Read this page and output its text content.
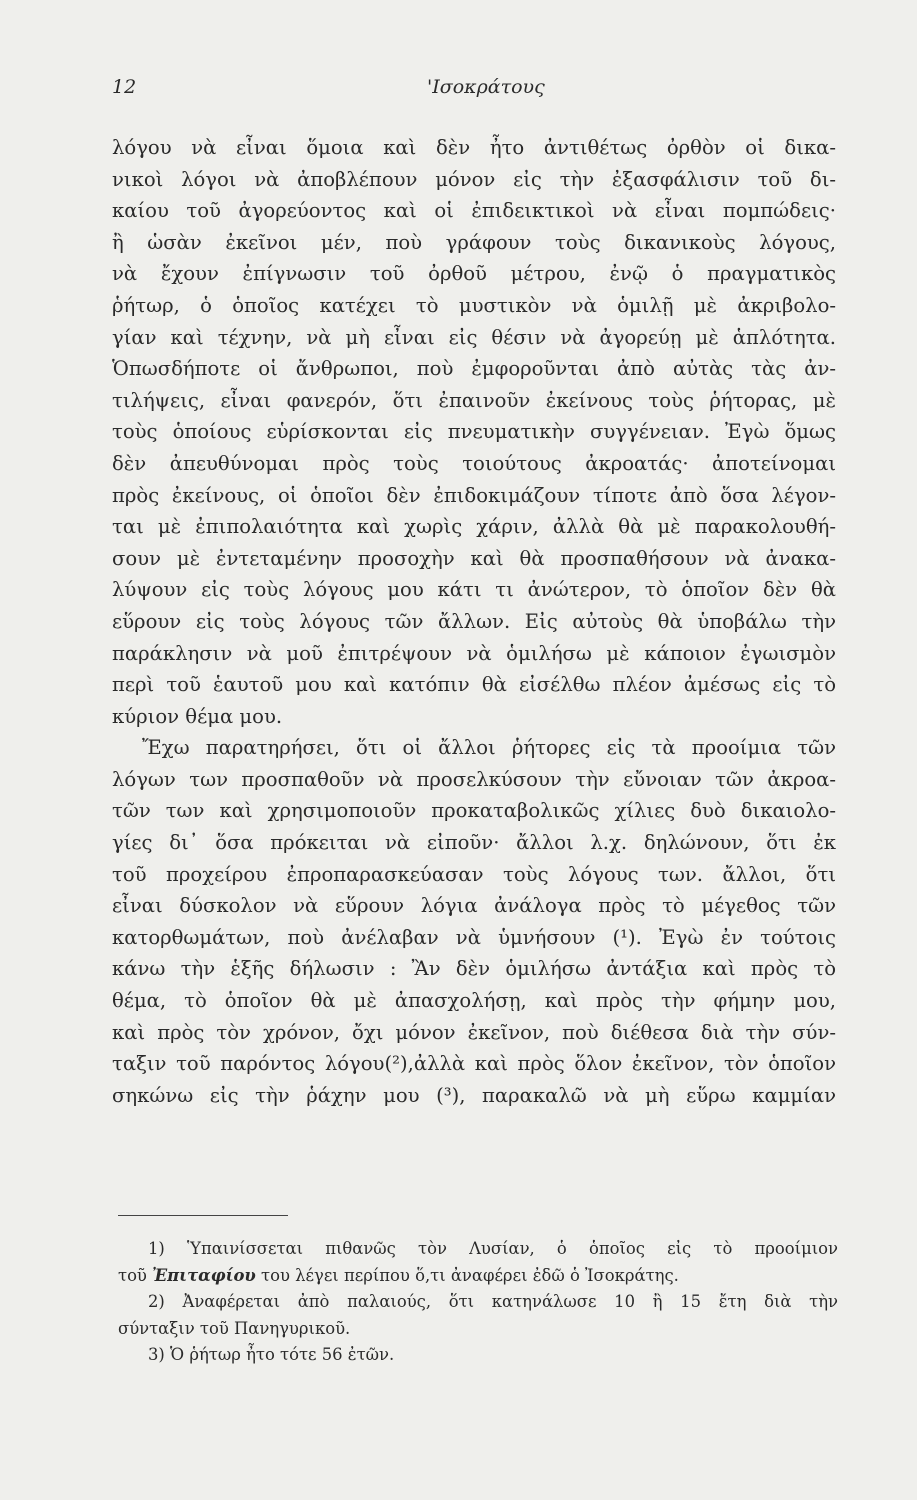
12	'Ισοκράτους
λόγου νὰ εἶναι ὅμοια καὶ δὲν ἦτο ἀντιθέτως ὀρθὸν οἱ δικα-
νικοὶ λόγοι νὰ ἀποβλέπουν μόνον εἰς τὴν ἐξασφάλισιν τοῦ δι-
καίου τοῦ ἀγορεύοντος καὶ οἱ ἐπιδεικτικοὶ νὰ εἶναι πομπώδεις·
ἢ ὡσὰν ἐκεῖνοι μέν, ποὺ γράφουν τοὺς δικανικοὺς λόγους,
νὰ ἔχουν ἐπίγνωσιν τοῦ ὀρθοῦ μέτρου, ἐνῷ ὁ πραγματικὸς
ῥήτωρ, ὁ ὁποῖος κατέχει τὸ μυστικὸν νὰ ὁμιλῇ μὲ ἀκριβολο-
γίαν καὶ τέχνην, νὰ μὴ εἶναι εἰς θέσιν νὰ ἀγορεύῃ μὲ ἁπλότητα.
Ὁπωσδήποτε οἱ ἄνθρωποι, ποὺ ἐμφοροῦνται ἀπὸ αὐτὰς τὰς ἀν-
τιλήψεις, εἶναι φανερόν, ὅτι ἐπαινοῦν ἐκείνους τοὺς ῥήτορας, μὲ
τοὺς ὁποίους εὑρίσκονται εἰς πνευματικὴν συγγένειαν. Ἐγὼ ὅμως
δὲν ἀπευθύνομαι πρὸς τοὺς τοιούτους ἀκροατάς· ἀποτείνομαι
πρὸς ἐκείνους, οἱ ὁποῖοι δὲν ἐπιδοκιμάζουν τίποτε ἀπὸ ὅσα λέγον-
ται μὲ ἐπιπολαιότητα καὶ χωρὶς χάριν, ἀλλὰ θὰ μὲ παρακολουθή-
σουν μὲ ἐντεταμένην προσοχὴν καὶ θὰ προσπαθήσουν νὰ ἀνακα-
λύψουν εἰς τοὺς λόγους μου κάτι τι ἀνώτερον, τὸ ὁποῖον δὲν θὰ
εὕρουν εἰς τοὺς λόγους τῶν ἄλλων. Εἰς αὐτοὺς θὰ ὑποβάλω τὴν
παράκλησιν νὰ μοῦ ἐπιτρέψουν νὰ ὁμιλήσω μὲ κάποιον ἐγωισμὸν
περὶ τοῦ ἑαυτοῦ μου καὶ κατόπιν θὰ εἰσέλθω πλέον ἀμέσως εἰς τὸ
κύριον θέμα μου.
Ἔχω παρατηρήσει, ὅτι οἱ ἄλλοι ῥήτορες εἰς τὰ προοίμια τῶν
λόγων των προσπαθοῦν νὰ προσελκύσουν τὴν εὔνοιαν τῶν ἀκροα-
τῶν των καὶ χρησιμοποιοῦν προκαταβολικῶς χίλιες δυὸ δικαιολο-
γίες δι᾽ ὅσα πρόκειται νὰ εἰποῦν· ἄλλοι λ.χ. δηλώνουν, ὅτι ἐκ
τοῦ προχείρου ἐπροπαρασκεύασαν τοὺς λόγους των. ἄλλοι, ὅτι
εἶναι δύσκολον νὰ εὕρουν λόγια ἀνάλογα πρὸς τὸ μέγεθος τῶν
κατορθωμάτων, ποὺ ἀνέλαβαν νὰ ὑμνήσουν (¹). Ἐγὼ ἐν τούτοις
κάνω τὴν ἑξῆς δήλωσιν : Ἂν δὲν ὁμιλήσω ἀντάξια καὶ πρὸς τὸ
θέμα, τὸ ὁποῖον θὰ μὲ ἀπασχολήσῃ, καὶ πρὸς τὴν φήμην μου,
καὶ πρὸς τὸν χρόνον, ὄχι μόνον ἐκεῖνον, ποὺ διέθεσα διὰ τὴν σύν-
ταξιν τοῦ παρόντος λόγου(²),ἀλλὰ καὶ πρὸς ὅλον ἐκεῖνον, τὸν ὁποῖον
σηκώνω εἰς τὴν ῥάχην μου (³), παρακαλῶ νὰ μὴ εὕρω καμμίαν
1) Ὑπαινίσσεται πιθανῶς τὸν Λυσίαν, ὁ ὁποῖος εἰς τὸ προοίμιον
τοῦ Ἐπιταφίου του λέγει περίπου ὅ,τι ἀναφέρει ἐδῶ ὁ Ἰσοκράτης.
2) Ἀναφέρεται ἀπὸ παλαιούς, ὅτι κατηνάλωσε 10 ἢ 15 ἔτη διὰ τὴν
σύνταξιν τοῦ Πανηγυρικοῦ.
3) Ὁ ῥήτωρ ἦτο τότε 56 ἐτῶν.
